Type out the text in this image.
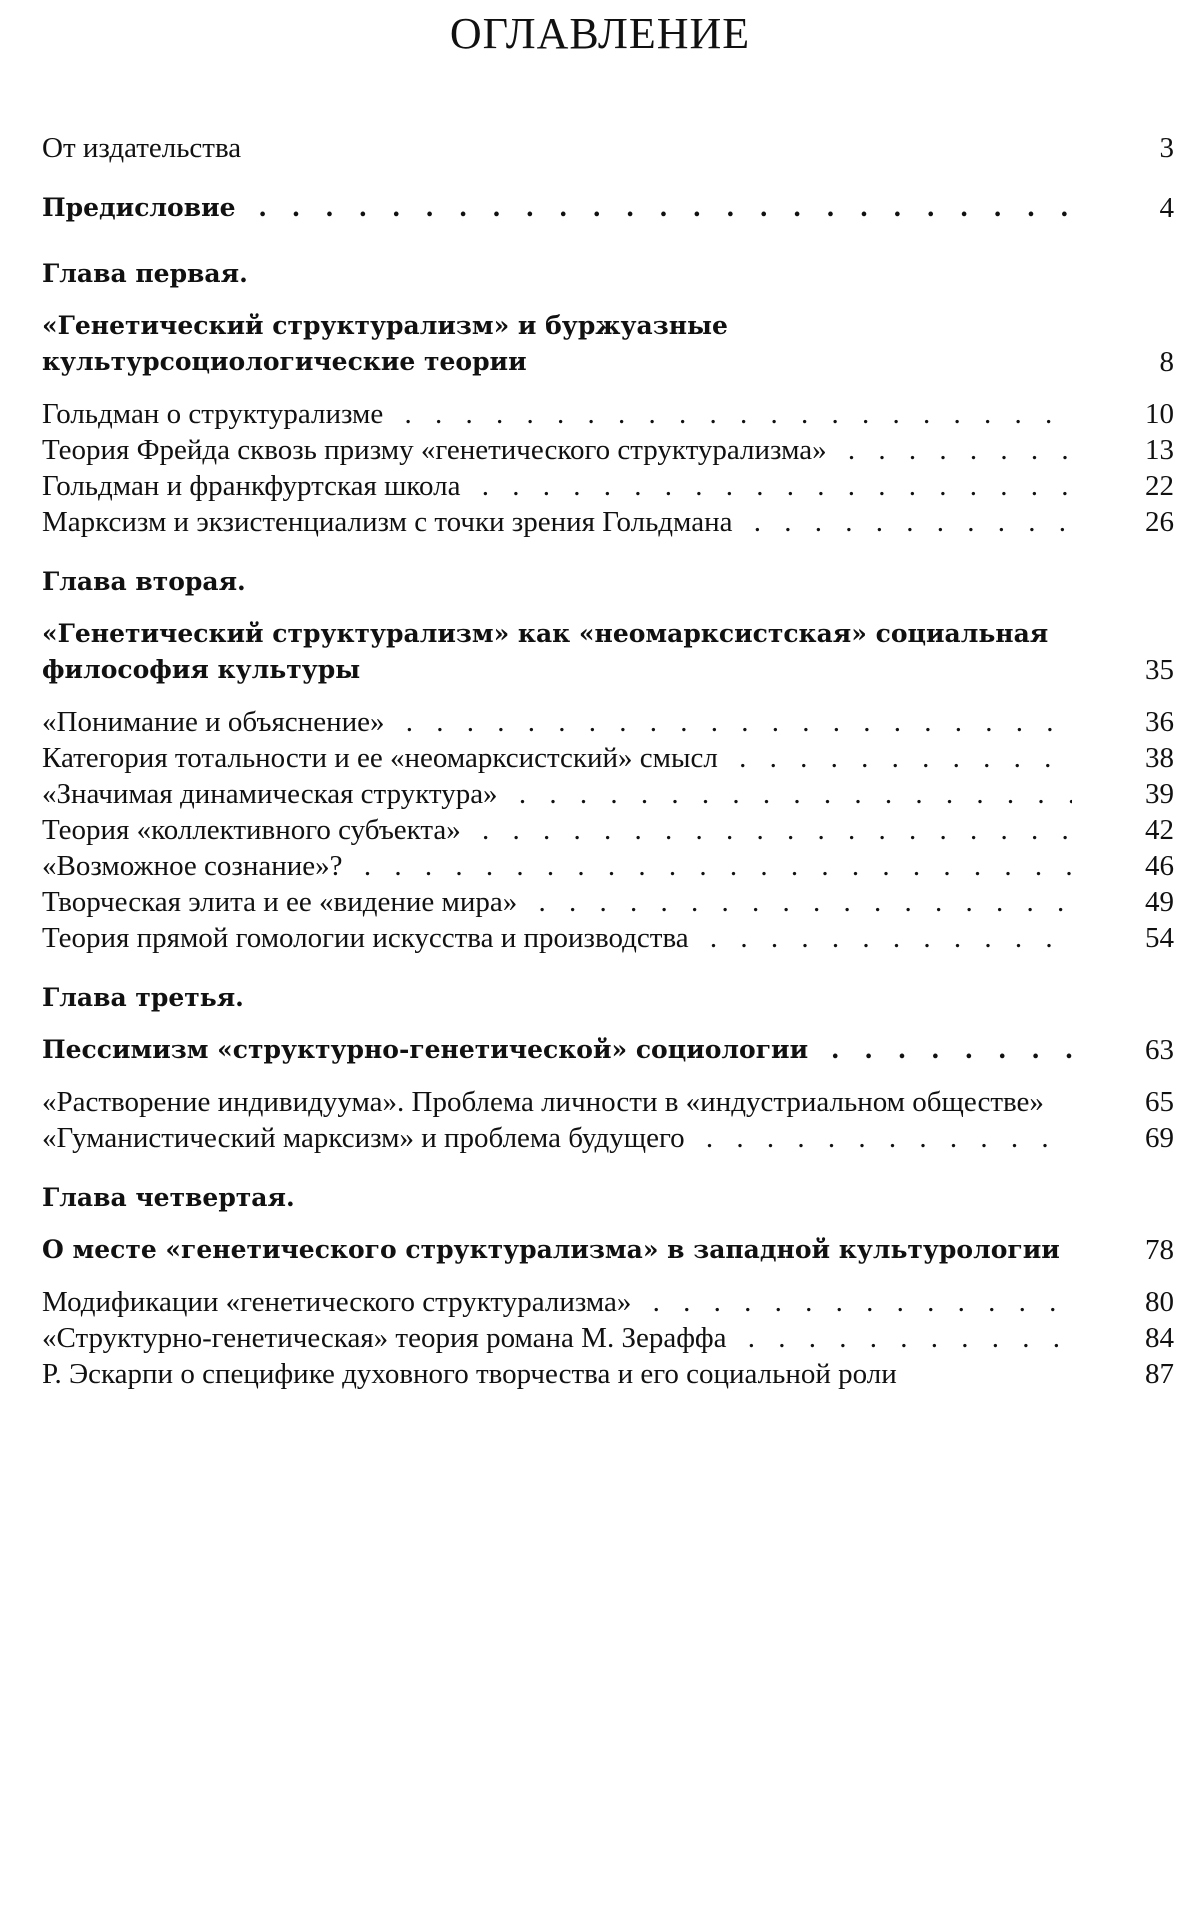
ОГЛАВЛЕНИЕ
От издательства	3
Предисловие . . .	4
Глава первая.
«Генетический структурализм» и буржуазные культурсоциологические теории	8
Гольдман о структурализме . . .	10
Теория Фрейда сквозь призму «генетического структурализма» . . .	13
Гольдман и франкфуртская школа . . .	22
Марксизм и экзистенциализм с точки зрения Гольдмана . . .	26
Глава вторая.
«Генетический структурализм» как «неомарксистская» социальная философия культуры	35
«Понимание и объяснение» . . .	36
Категория тотальности и ее «неомарксистский» смысл . . .	38
«Значимая динамическая структура» . . .	39
Теория «коллективного субъекта» . . .	42
«Возможное сознание»? . . .	46
Творческая элита и ее «видение мира» . . .	49
Теория прямой гомологии искусства и производства . . .	54
Глава третья.
Пессимизм «структурно-генетической» социологии . . .	63
«Растворение индивидуума». Проблема личности в «индустриальном обществе»	65
«Гуманистический марксизм» и проблема будущего . . .	69
Глава четвертая.
О месте «генетического структурализма» в западной культурологии	78
Модификации «генетического структурализма» . . .	80
«Структурно-генетическая» теория романа М. Зераффа . . .	84
Р. Эскарпи о специфике духовного творчества и его социальной роли	87
